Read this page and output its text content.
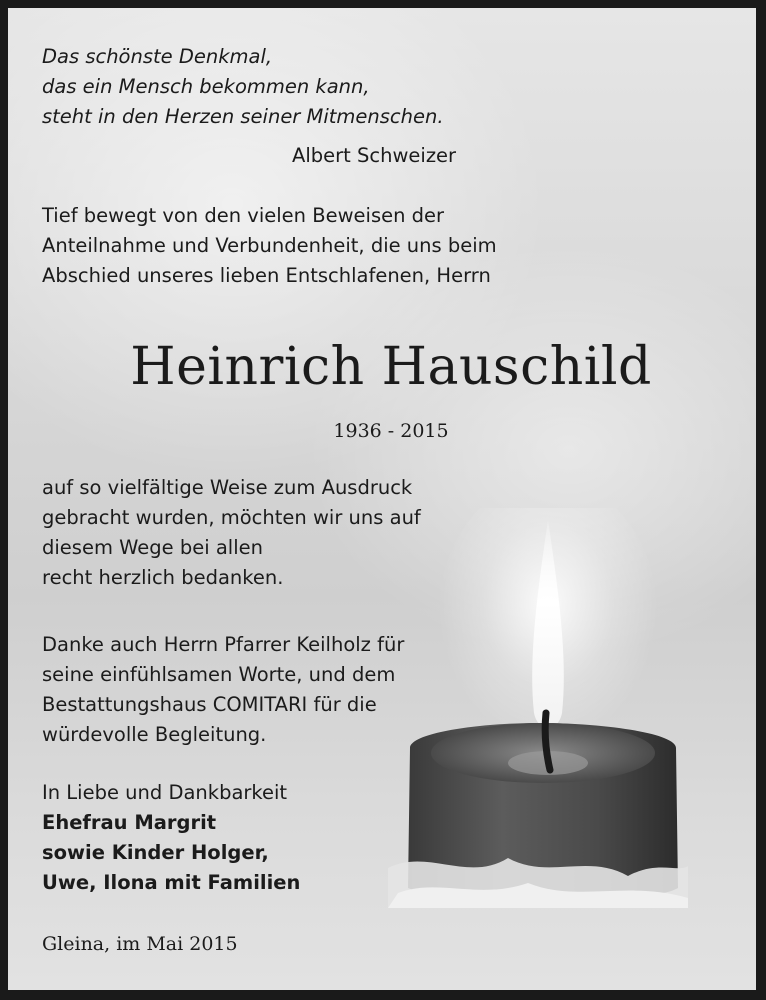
Das schönste Denkmal,
das ein Mensch bekommen kann,
steht in den Herzen seiner Mitmenschen.
Albert Schweizer
Tief bewegt von den vielen Beweisen der
Anteilnahme und Verbundenheit, die uns beim
Abschied unseres lieben Entschlafenen, Herrn
Heinrich Hauschild
1936 - 2015
auf so vielfältige Weise zum Ausdruck
gebracht wurden, möchten wir uns auf
diesem Wege bei allen
recht herzlich bedanken.
Danke auch Herrn Pfarrer Keilholz für
seine einfühlsamen Worte, und dem
Bestattungshaus COMITARI für die
würdevolle Begleitung.
In Liebe und Dankbarkeit
Ehefrau Margrit
sowie Kinder Holger,
Uwe, Ilona mit Familien
Gleina, im Mai 2015
